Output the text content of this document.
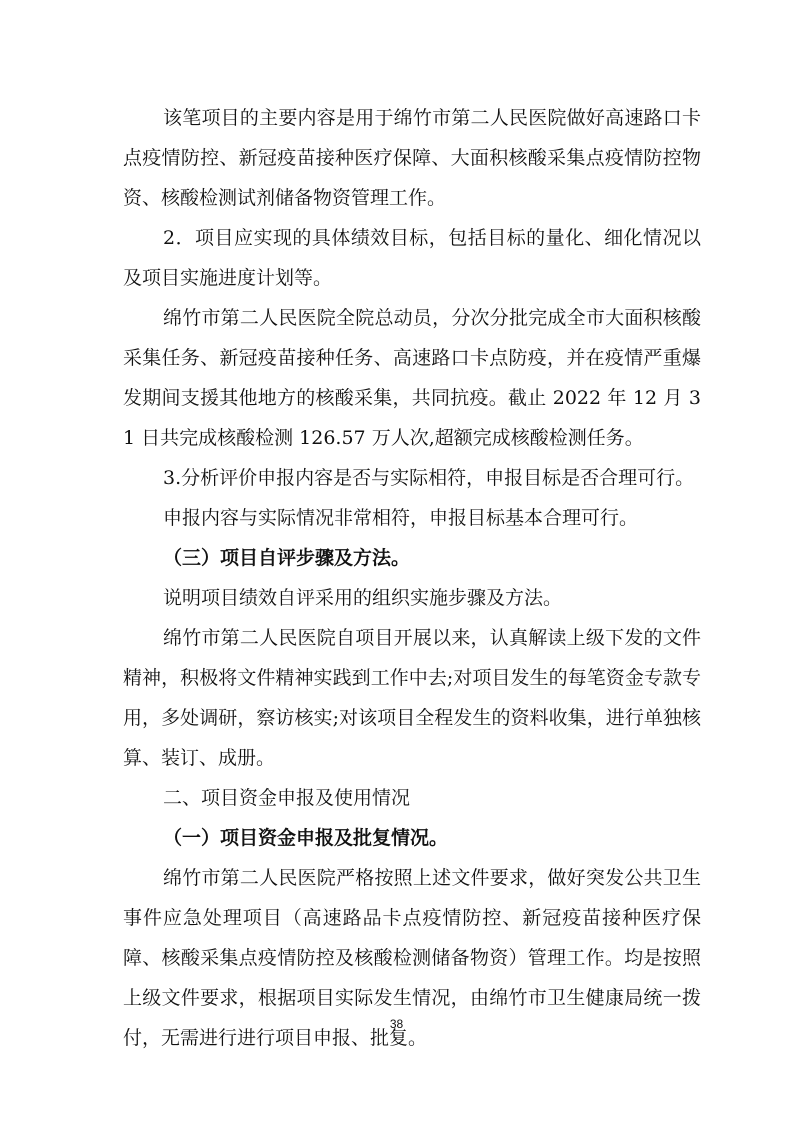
该笔项目的主要内容是用于绵竹市第二人民医院做好高速路口卡点疫情防控、新冠疫苗接种医疗保障、大面积核酸采集点疫情防控物资、核酸检测试剂储备物资管理工作。

2．项目应实现的具体绩效目标，包括目标的量化、细化情况以及项目实施进度计划等。

绵竹市第二人民医院全院总动员，分次分批完成全市大面积核酸采集任务、新冠疫苗接种任务、高速路口卡点防疫，并在疫情严重爆发期间支援其他地方的核酸采集，共同抗疫。截止 2022 年 12 月 31 日共完成核酸检测 126.57 万人次,超额完成核酸检测任务。

3.分析评价申报内容是否与实际相符，申报目标是否合理可行。

申报内容与实际情况非常相符，申报目标基本合理可行。

（三）项目自评步骤及方法。

说明项目绩效自评采用的组织实施步骤及方法。

绵竹市第二人民医院自项目开展以来，认真解读上级下发的文件精神，积极将文件精神实践到工作中去;对项目发生的每笔资金专款专用，多处调研，察访核实;对该项目全程发生的资料收集，进行单独核算、装订、成册。

二、项目资金申报及使用情况

（一）项目资金申报及批复情况。

绵竹市第二人民医院严格按照上述文件要求，做好突发公共卫生事件应急处理项目（高速路品卡点疫情防控、新冠疫苗接种医疗保障、核酸采集点疫情防控及核酸检测储备物资）管理工作。均是按照上级文件要求，根据项目实际发生情况，由绵竹市卫生健康局统一拨付，无需进行进行项目申报、批复。

38
